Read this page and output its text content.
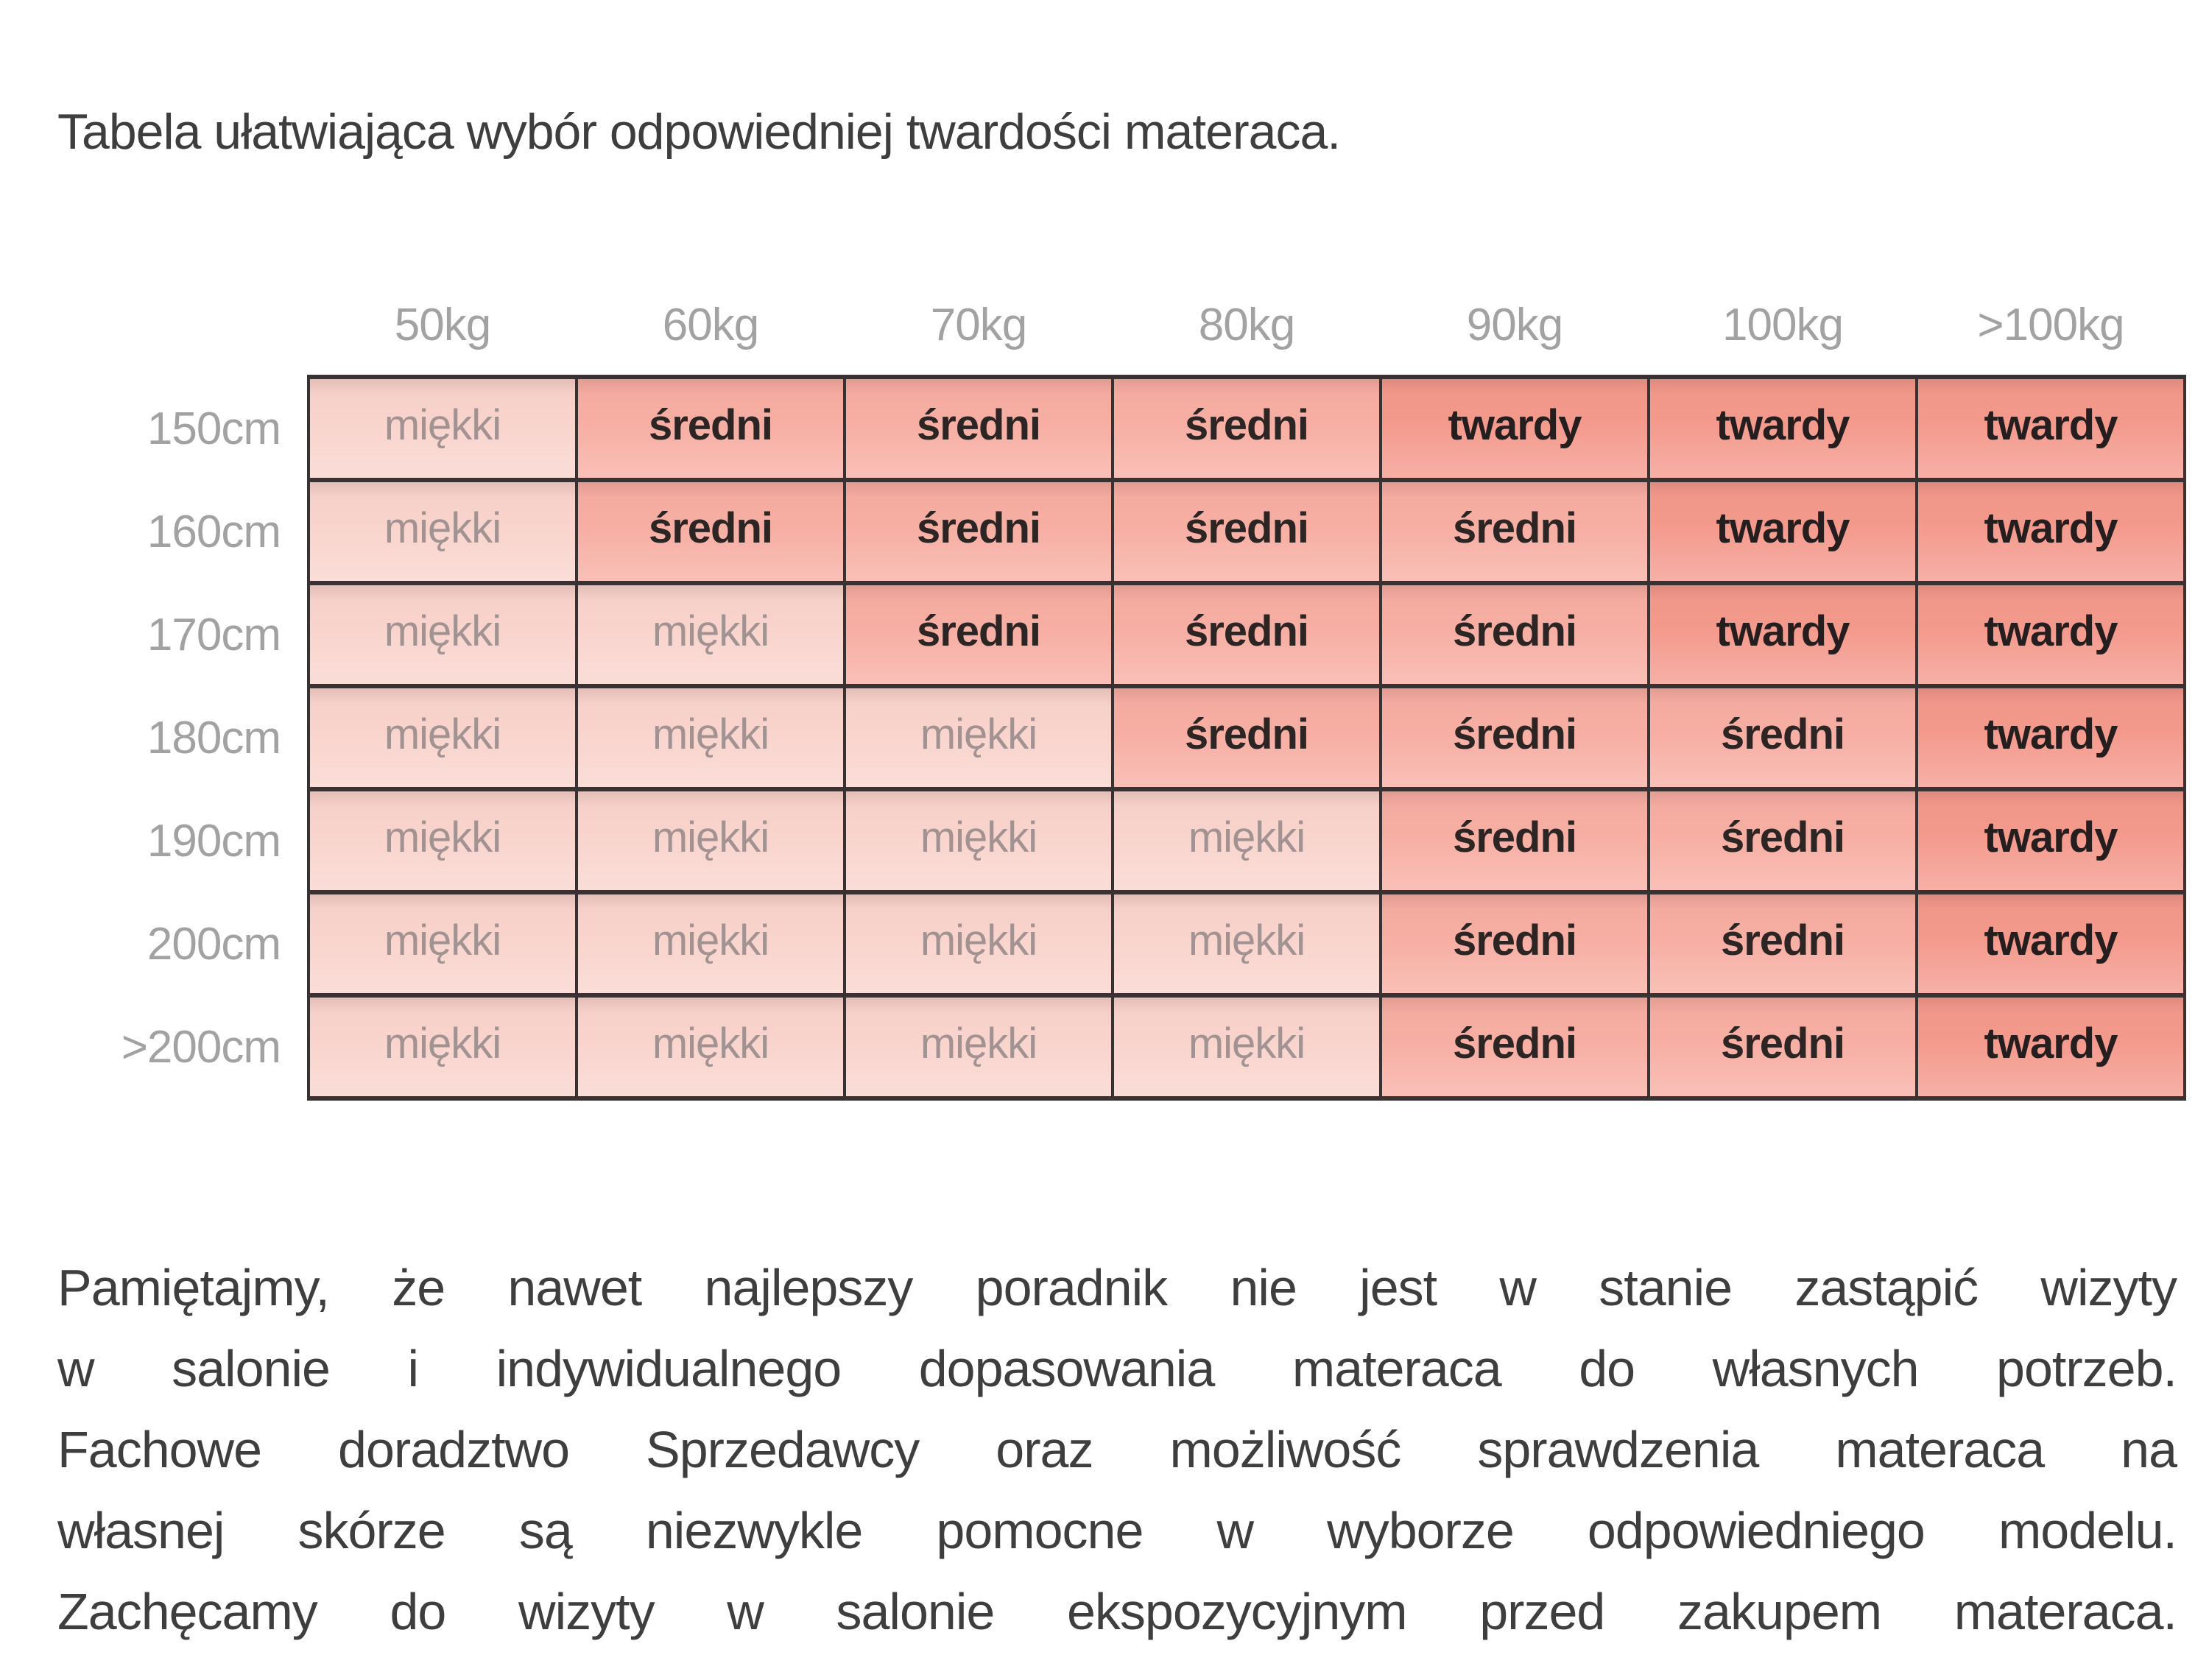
Tabela ułatwiająca wybór odpowiedniej twardości materaca.
	50kg	60kg	70kg	80kg	90kg	100kg	>100kg
150cm	miękki	średni	średni	średni	twardy	twardy	twardy
160cm	miękki	średni	średni	średni	średni	twardy	twardy
170cm	miękki	miękki	średni	średni	średni	twardy	twardy
180cm	miękki	miękki	miękki	średni	średni	średni	twardy
190cm	miękki	miękki	miękki	miękki	średni	średni	twardy
200cm	miękki	miękki	miękki	miękki	średni	średni	twardy
>200cm	miękki	miękki	miękki	miękki	średni	średni	twardy
Pamiętajmy, że nawet najlepszy poradnik nie jest w stanie zastąpić wizyty
w salonie i indywidualnego dopasowania materaca do własnych potrzeb.
Fachowe doradztwo Sprzedawcy oraz możliwość sprawdzenia materaca na
własnej skórze są niezwykle pomocne w wyborze odpowiedniego modelu.
Zachęcamy do wizyty w salonie ekspozycyjnym przed zakupem materaca.
